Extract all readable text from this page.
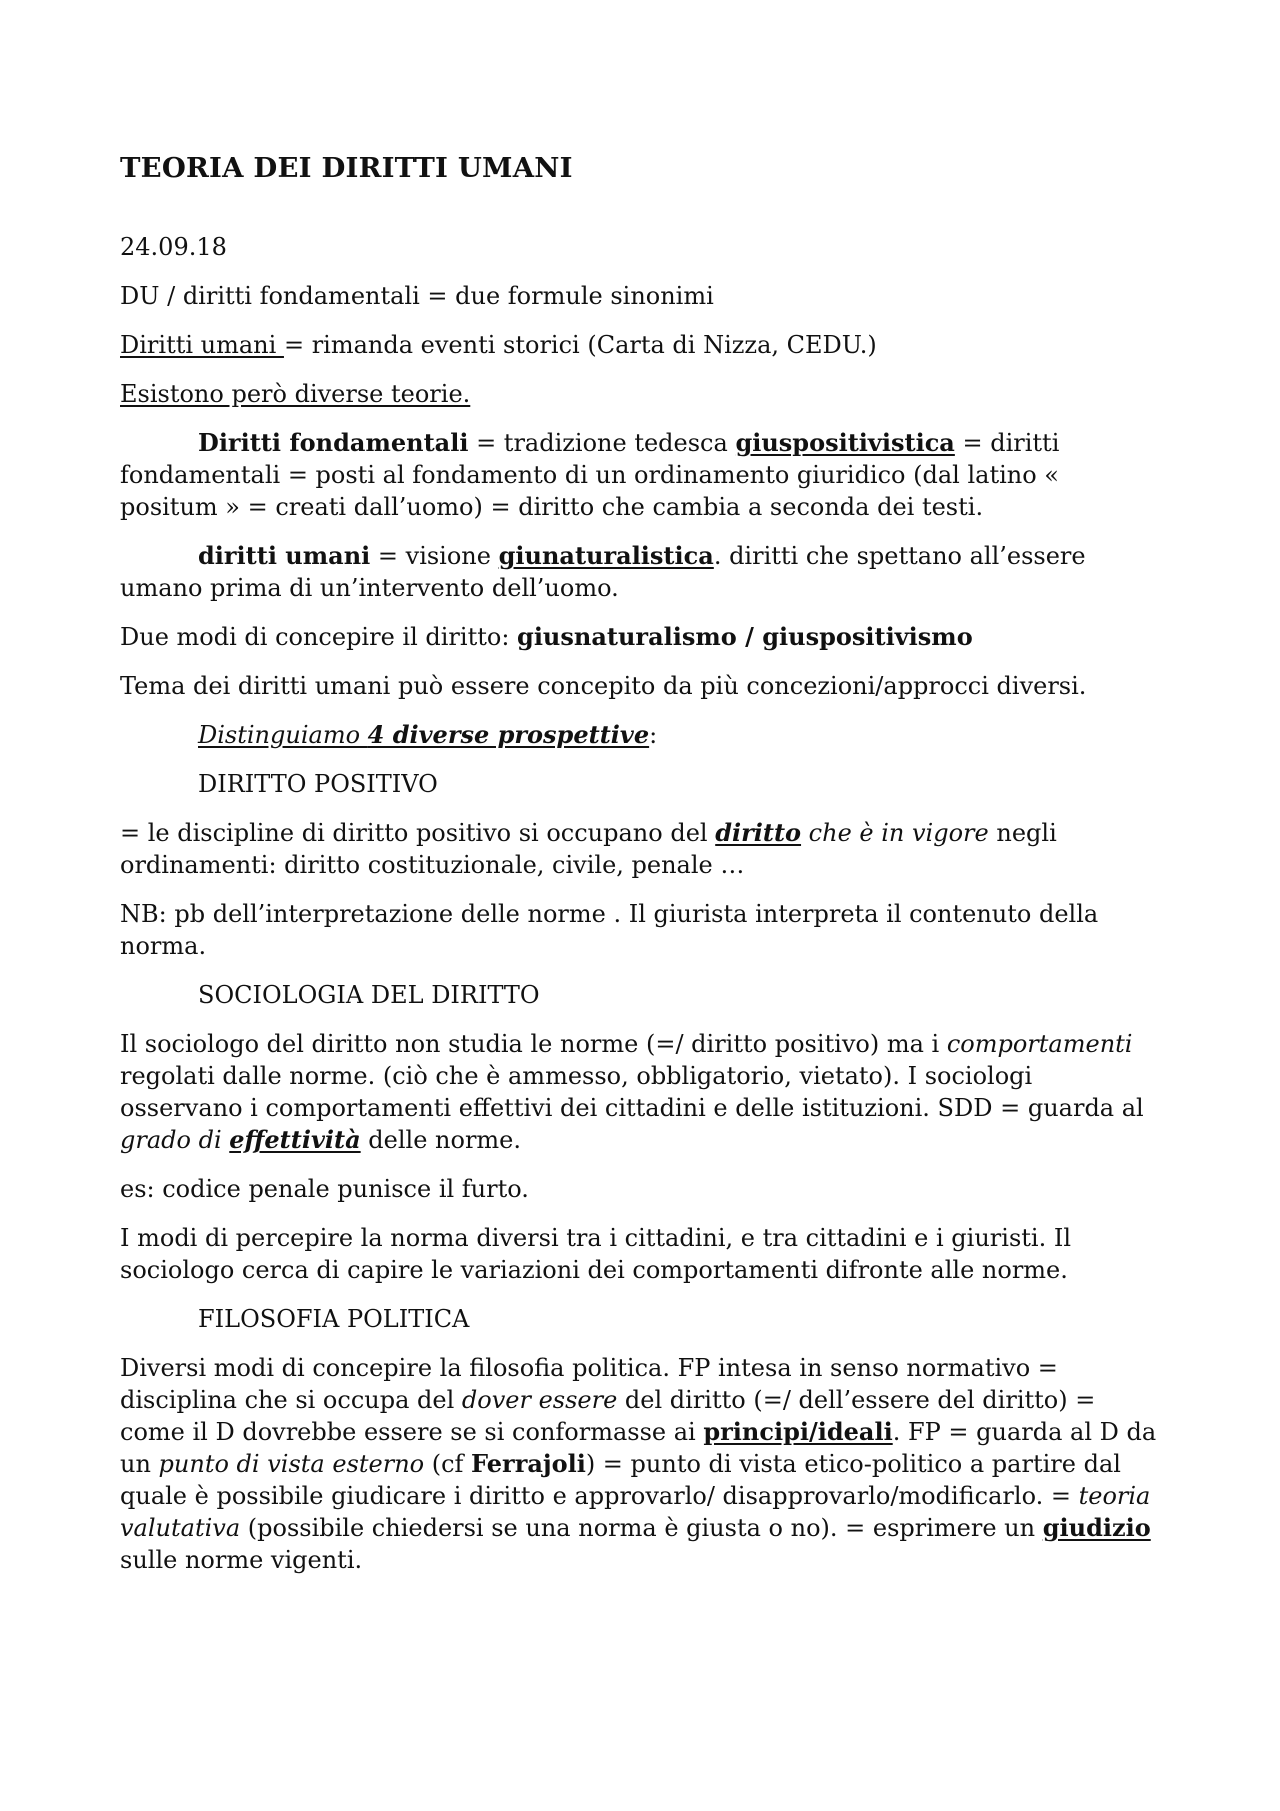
TEORIA DEI DIRITTI UMANI
24.09.18
DU / diritti fondamentali = due formule sinonimi
Diritti umani = rimanda eventi storici (Carta di Nizza, CEDU.)
Esistono però diverse teorie.
Diritti fondamentali = tradizione tedesca giuspositivistica = diritti fondamentali = posti al fondamento di un ordinamento giuridico (dal latino « positum » = creati dall’uomo) = diritto che cambia a seconda dei testi.
diritti umani = visione giunaturalistica. diritti che spettano all’essere umano prima di un’intervento dell’uomo.
Due modi di concepire il diritto: giusnaturalismo / giuspositivismo
Tema dei diritti umani può essere concepito da più concezioni/approcci diversi.
Distinguiamo 4 diverse prospettive:
DIRITTO POSITIVO
= le discipline di diritto positivo si occupano del diritto che è in vigore negli ordinamenti: diritto costituzionale, civile, penale …
NB: pb dell’interpretazione delle norme . Il giurista interpreta il contenuto della norma.
SOCIOLOGIA DEL DIRITTO
Il sociologo del diritto non studia le norme (=/ diritto positivo) ma i comportamenti regolati dalle norme. (ciò che è ammesso, obbligatorio, vietato). I sociologi osservano i comportamenti effettivi dei cittadini e delle istituzioni. SDD = guarda al grado di effettività delle norme.
es: codice penale punisce il furto.
I modi di percepire la norma diversi tra i cittadini, e tra cittadini e i giuristi. Il sociologo cerca di capire le variazioni dei comportamenti difronte alle norme.
FILOSOFIA POLITICA
Diversi modi di concepire la filosofia politica. FP intesa in senso normativo = disciplina che si occupa del dover essere del diritto (=/ dell’essere del diritto) = come il D dovrebbe essere se si conformasse ai principi/ideali. FP = guarda al D da un punto di vista esterno (cf Ferrajoli) = punto di vista etico-politico a partire dal quale è possibile giudicare i diritto e approvarlo/ disapprovarlo/modificarlo. = teoria valutativa (possibile chiedersi se una norma è giusta o no). = esprimere un giudizio sulle norme vigenti.
